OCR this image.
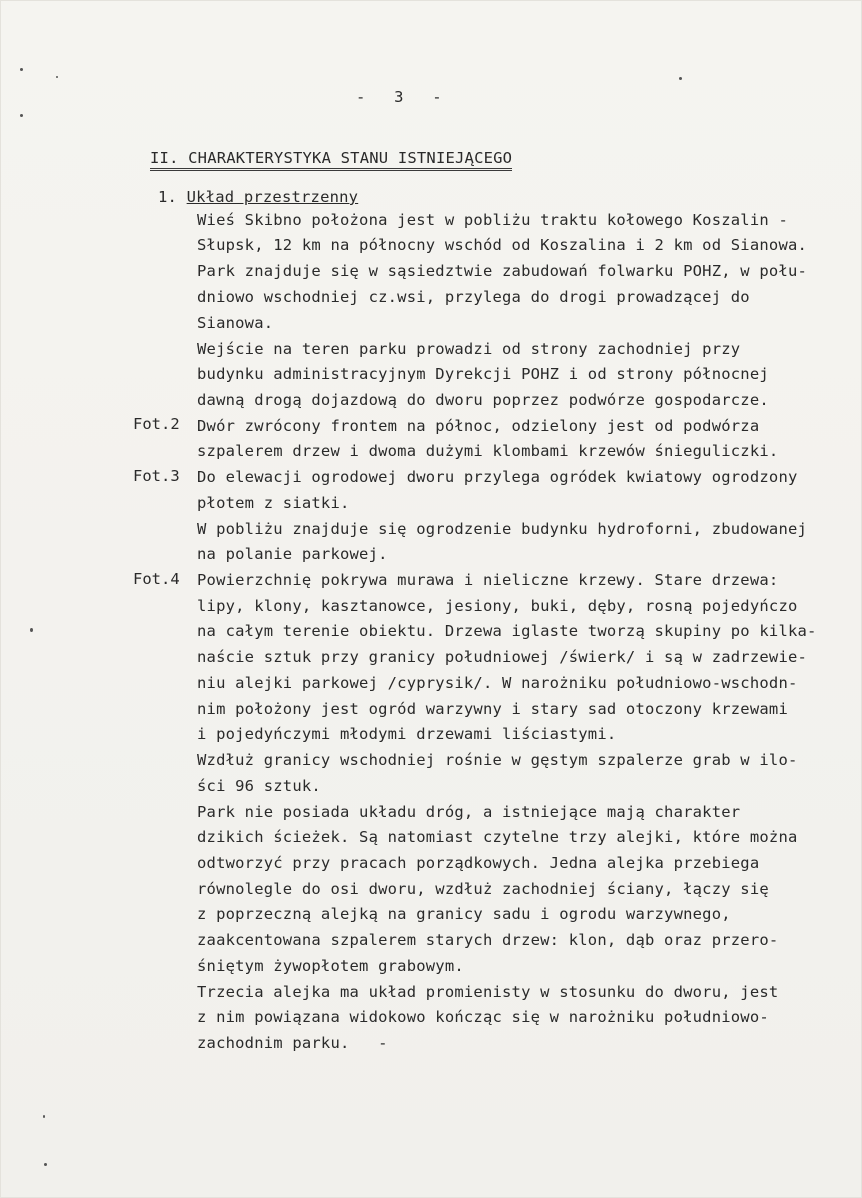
-   3   -
II. CHARAKTERYSTYKA STANU ISTNIEJĄCEGO
1. Układ przestrzenny
Fot.2
Fot.3
Fot.4
Wieś Skibno położona jest w pobliżu traktu kołowego Koszalin -
Słupsk, 12 km na północny wschód od Koszalina i 2 km od Sianowa.
Park znajduje się w sąsiedztwie zabudowań folwarku POHZ, w połu-
dniowo wschodniej cz.wsi, przylega do drogi prowadzącej do
Sianowa.
Wejście na teren parku prowadzi od strony zachodniej przy
budynku administracyjnym Dyrekcji POHZ i od strony północnej
dawną drogą dojazdową do dworu poprzez podwórze gospodarcze.
Dwór zwrócony frontem na północ, odzielony jest od podwórza
szpalerem drzew i dwoma dużymi klombami krzewów śnieguliczki.
Do elewacji ogrodowej dworu przylega ogródek kwiatowy ogrodzony
płotem z siatki.
W pobliżu znajduje się ogrodzenie budynku hydroforni, zbudowanej
na polanie parkowej.
Powierzchnię pokrywa murawa i nieliczne krzewy. Stare drzewa:
lipy, klony, kasztanowce, jesiony, buki, dęby, rosną pojedyńczo
na całym terenie obiektu. Drzewa iglaste tworzą skupiny po kilka-
naście sztuk przy granicy południowej /świerk/ i są w zadrzewie-
niu alejki parkowej /cyprysik/. W narożniku południowo-wschodn-
nim położony jest ogród warzywny i stary sad otoczony krzewami
i pojedyńczymi młodymi drzewami liściastymi.
Wzdłuż granicy wschodniej rośnie w gęstym szpalerze grab w ilo-
ści 96 sztuk.
Park nie posiada układu dróg, a istniejące mają charakter
dzikich ścieżek. Są natomiast czytelne trzy alejki, które można
odtworzyć przy pracach porządkowych. Jedna alejka przebiega
równolegle do osi dworu, wzdłuż zachodniej ściany, łączy się
z poprzeczną alejką na granicy sadu i ogrodu warzywnego,
zaakcentowana szpalerem starych drzew: klon, dąb oraz przero-
śniętym żywopłotem grabowym.
Trzecia alejka ma układ promienisty w stosunku do dworu, jest
z nim powiązana widokowo kończąc się w narożniku południowo-
zachodnim parku.   -
